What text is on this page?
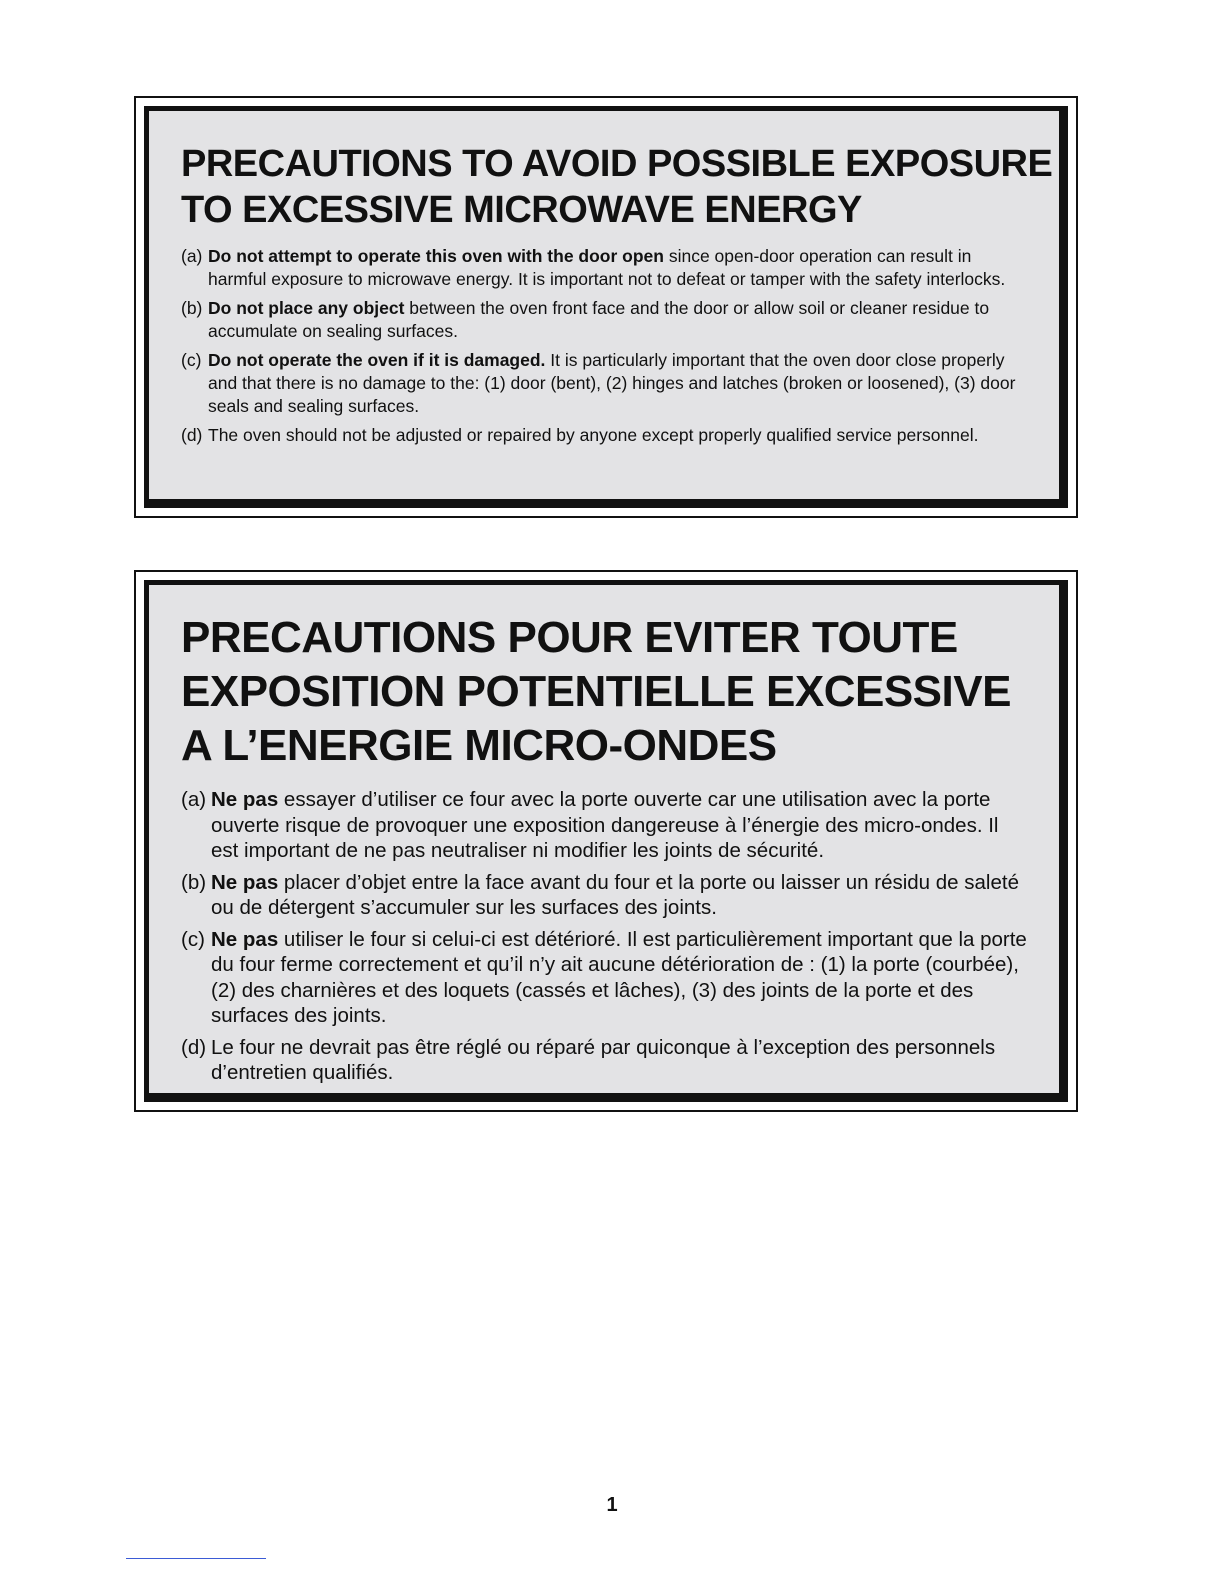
PRECAUTIONS TO AVOID POSSIBLE EXPOSURE
TO EXCESSIVE MICROWAVE ENERGY
(a) Do not attempt to operate this oven with the door open since open-door operation can result in harmful exposure to microwave energy. It is important not to defeat or tamper with the safety interlocks.
(b) Do not place any object between the oven front face and the door or allow soil or cleaner residue to accumulate on sealing surfaces.
(c) Do not operate the oven if it is damaged. It is particularly important that the oven door close properly and that there is no damage to the: (1) door (bent), (2) hinges and latches (broken or loosened), (3) door seals and sealing surfaces.
(d) The oven should not be adjusted or repaired by anyone except properly qualified service personnel.
PRECAUTIONS POUR EVITER TOUTE
EXPOSITION POTENTIELLE EXCESSIVE
A L’ENERGIE MICRO-ONDES
(a) Ne pas essayer d’utiliser ce four avec la porte ouverte car une utilisation avec la porte ouverte risque de provoquer une exposition dangereuse à l’énergie des micro-ondes. Il est important de ne pas neutraliser ni modifier les joints de sécurité.
(b) Ne pas placer d’objet entre la face avant du four et la porte ou laisser un résidu de saleté ou de détergent s’accumuler sur les surfaces des joints.
(c) Ne pas utiliser le four si celui-ci est détérioré. Il est particulièrement important que la porte du four ferme correctement et qu’il n’y ait aucune détérioration de : (1) la porte (courbée), (2) des charnières et des loquets (cassés et lâches), (3) des joints de la porte et des surfaces des joints.
(d) Le four ne devrait pas être réglé ou réparé par quiconque à l’exception des personnels d’entretien qualifiés.
1
